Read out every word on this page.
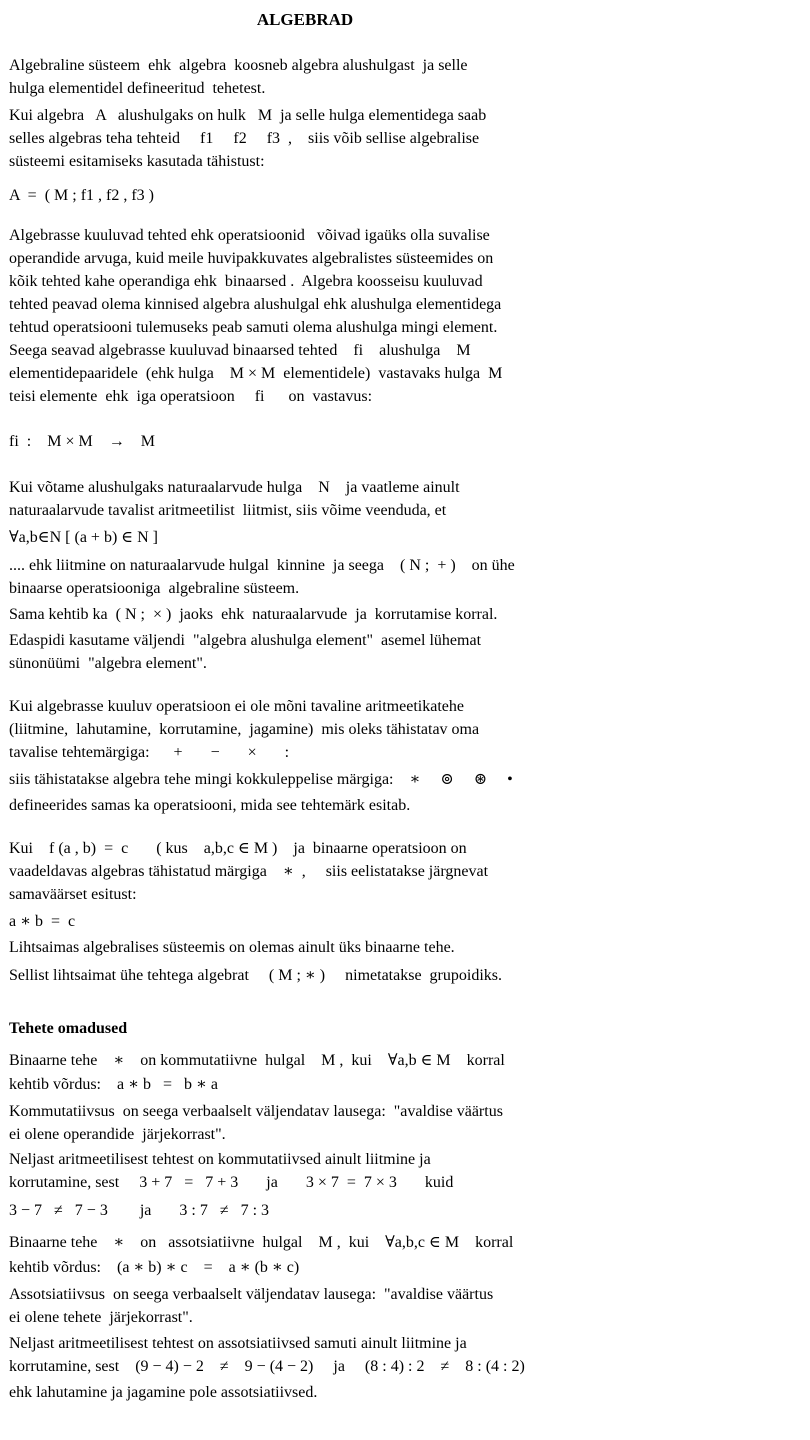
ALGEBRAD
Algebraline süsteem  ehk  algebra  koosneb algebra alushulgast  ja selle
hulga elementidel defineeritud  tehetest.
Kui algebra   A   alushulgaks on hulk   M  ja selle hulga elementidega saab
selles algebras teha tehteid     f1     f2     f3  ,    siis võib sellise algebralise
süsteemi esitamiseks kasutada tähistust:
A  =  ( M ; f1 , f2 , f3 )
Algebrasse kuuluvad tehted ehk operatsioonid   võivad igaüks olla suvalise
operandide arvuga, kuid meile huvipakkuvates algebralistes süsteemides on
kõik tehted kahe operandiga ehk  binaarsed .  Algebra koosseisu kuuluvad
tehted peavad olema kinnised algebra alushulgal ehk alushulga elementidega
tehtud operatsiooni tulemuseks peab samuti olema alushulga mingi element.
Seega seavad algebrasse kuuluvad binaarsed tehted    fi    alushulga    M
elementidepaaridele  (ehk hulga    M × M  elementidele)  vastavaks hulga  M
teisi elemente  ehk  iga operatsioon     fi      on  vastavus:
fi  :    M × M    →    M
Kui võtame alushulgaks naturaalarvude hulga    N    ja vaatleme ainult
naturaalarvude tavalist aritmeetilist  liitmist, siis võime veenduda, et
∀a,b∈N [ (a + b) ∈ N ]
.... ehk liitmine on naturaalarvude hulgal  kinnine  ja seega    ( N ;  + )    on ühe
binaarse operatsiooniga  algebraline süsteem.
Sama kehtib ka  ( N ;  × )  jaoks  ehk  naturaalarvude  ja  korrutamise korral.
Edaspidi kasutame väljendi  "algebra alushulga element"  asemel lühemat
sünonüümi  "algebra element".
Kui algebrasse kuuluv operatsioon ei ole mõni tavaline aritmeetikatehe
(liitmine,  lahutamine,  korrutamine,  jagamine)  mis oleks tähistatav oma
tavalise tehtemärgiga:      +       −       ×       :
siis tähistatakse algebra tehe mingi kokkuleppelise märgiga:    ∗     ⊚     ⊛     •
defineerides samas ka operatsiooni, mida see tehtemärk esitab.
Kui    f (a , b)  =  c       ( kus    a,b,c ∈ M )    ja  binaarne operatsioon on
vaadeldavas algebras tähistatud märgiga    ∗  ,     siis eelistatakse järgnevat
samaväärset esitust:
a ∗ b  =  c
Lihtsaimas algebralises süsteemis on olemas ainult üks binaarne tehe.
Sellist lihtsaimat ühe tehtega algebrat     ( M ; ∗ )     nimetatakse  grupoidiks.
Tehete omadused
Binaarne tehe    ∗    on kommutatiivne  hulgal    M ,  kui    ∀a,b ∈ M    korral
kehtib võrdus:    a ∗ b   =   b ∗ a
Kommutatiivsus  on seega verbaalselt väljendatav lausega:  "avaldise väärtus
ei olene operandide  järjekorrast".
Neljast aritmeetilisest tehtest on kommutatiivsed ainult liitmine ja
korrutamine, sest     3 + 7   =   7 + 3       ja       3 × 7  =  7 × 3       kuid
3 − 7   ≠   7 − 3        ja       3 : 7   ≠   7 : 3
Binaarne tehe    ∗    on   assotsiatiivne  hulgal    M ,  kui    ∀a,b,c ∈ M    korral
kehtib võrdus:    (a ∗ b) ∗ c    =    a ∗ (b ∗ c)
Assotsiatiivsus  on seega verbaalselt väljendatav lausega:  "avaldise väärtus
ei olene tehete  järjekorrast".
Neljast aritmeetilisest tehtest on assotsiatiivsed samuti ainult liitmine ja
korrutamine, sest    (9 − 4) − 2    ≠    9 − (4 − 2)     ja     (8 : 4) : 2    ≠    8 : (4 : 2)
ehk lahutamine ja jagamine pole assotsiatiivsed.
